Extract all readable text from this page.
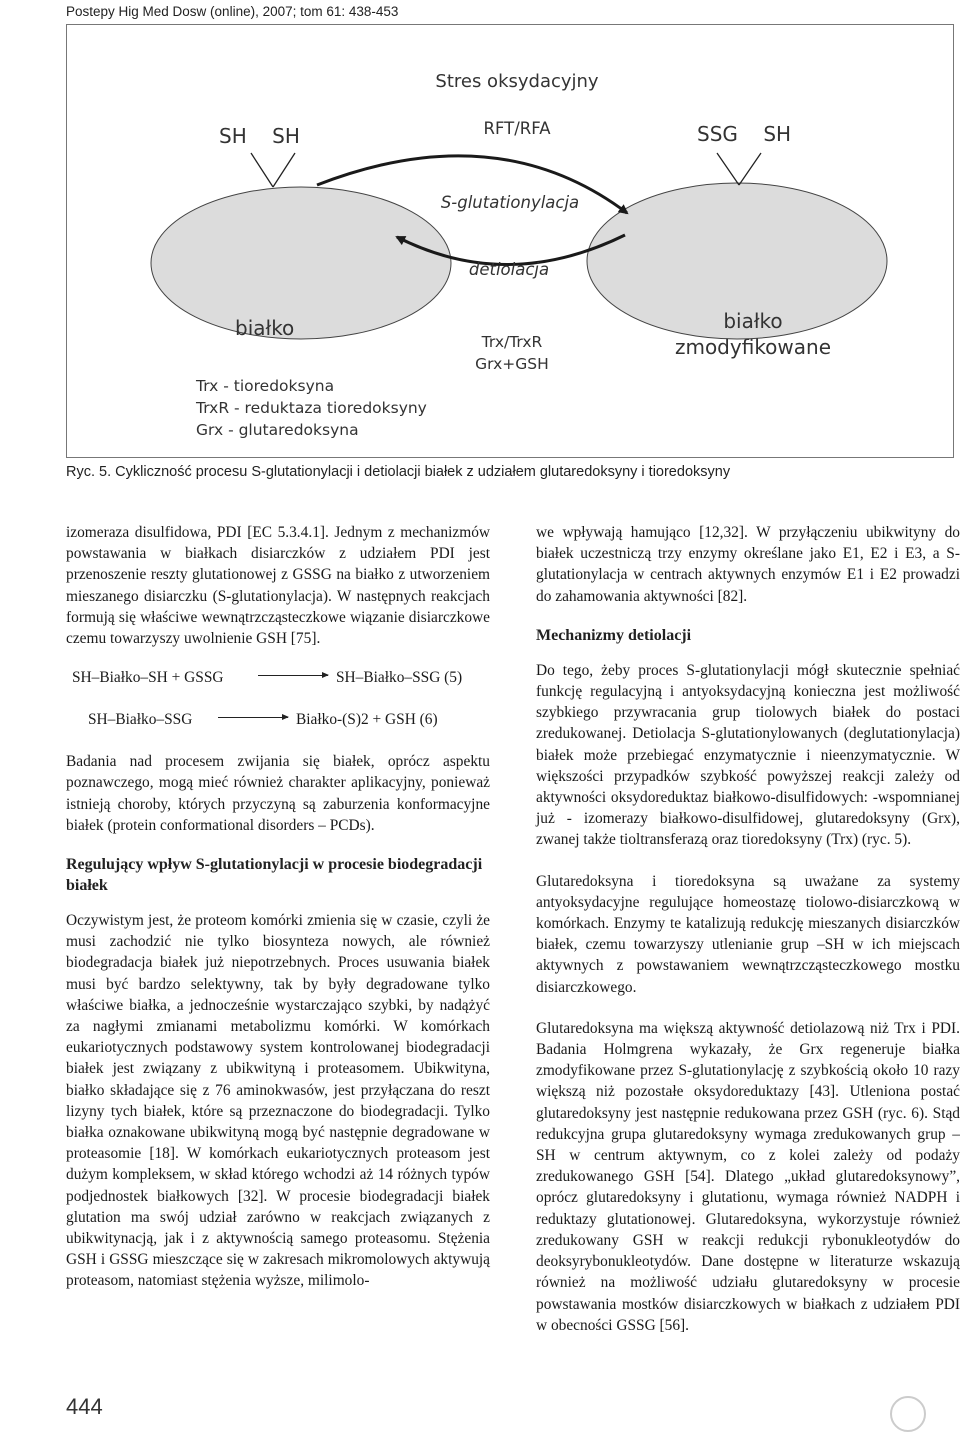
Postepy Hig Med Dosw (online), 2007; tom 61: 438-453
Stres oksydacyjny
RFT/RFA
SH    SH	SSG    SH
S-glutationylacja
detiolacja
białko
Trx/TrxR
Grx+GSH
białko
zmodyfikowane
Trx - tioredoksyna
TrxR - reduktaza tioredoksyny
Grx - glutaredoksyna
Ryc. 5. Cykliczność procesu S-glutationylacji i detiolacji białek z udziałem glutaredoksyny i tioredoksyny

izomeraza disulfidowa, PDI [EC 5.3.4.1]. Jednym z mechanizmów powstawania w białkach disiarczków z udziałem PDI jest przenoszenie reszty glutationowej z GSSG na białko z utworzeniem mieszanego disiarczku (S-glutationylacja). W następnych reakcjach formują się właściwe wewnątrzcząsteczkowe wiązanie disiarczkowe czemu towarzyszy uwolnienie GSH [75].

SH–Białko–SH + GSSG	SH–Białko–SSG (5)
SH–Białko–SSG	Białko-(S)2 + GSH (6)

Badania nad procesem zwijania się białek, oprócz aspektu poznawczego, mogą mieć również charakter aplikacyjny, ponieważ istnieją choroby, których przyczyną są zaburzenia konformacyjne białek (protein conformational disorders – PCDs).

Regulujący wpływ S-glutationylacji w procesie biodegradacji białek

Oczywistym jest, że proteom komórki zmienia się w czasie, czyli że musi zachodzić nie tylko biosynteza nowych, ale również biodegradacja białek już niepotrzebnych. Proces usuwania białek musi być bardzo selektywny, tak by były degradowane tylko właściwe białka, a jednocześnie wystarczająco szybki, by nadążyć za nagłymi zmianami metabolizmu komórki. W komórkach eukariotycznych podstawowy system kontrolowanej biodegradacji białek jest związany z ubikwityną i proteasomem. Ubikwityna, białko składające się z 76 aminokwasów, jest przyłączana do reszt lizyny tych białek, które są przeznaczone do biodegradacji. Tylko białka oznakowane ubikwityną mogą być następnie degradowane w proteasomie [18]. W komórkach eukariotycznych proteasom jest dużym kompleksem, w skład którego wchodzi aż 14 różnych typów podjednostek białkowych [32]. W procesie biodegradacji białek glutation ma swój udział zarówno w reakcjach związanych z ubikwitynacją, jak i z aktywnością samego proteasomu. Stężenia GSH i GSSG mieszczące się w zakresach mikromolowych aktywują proteasom, natomiast stężenia wyższe, milimolo-

we wpływają hamująco [12,32]. W przyłączeniu ubikwityny do białek uczestniczą trzy enzymy określane jako E1, E2 i E3, a S-glutationylacja w centrach aktywnych enzymów E1 i E2 prowadzi do zahamowania aktywności [82].

Mechanizmy detiolacji

Do tego, żeby proces S-glutationylacji mógł skutecznie spełniać funkcję regulacyjną i antyoksydacyjną konieczna jest możliwość szybkiego przywracania grup tiolowych białek do postaci zredukowanej. Detiolacja S-glutationylowanych (deglutationylacja) białek może przebiegać enzymatycznie i nieenzymatycznie. W większości przypadków szybkość powyższej reakcji zależy od aktywności oksydoreduktaz białkowo-disulfidowych: -wspomnianej już - izomerazy białkowo-disulfidowej, glutaredoksyny (Grx), zwanej także tioltransferazą oraz tioredoksyny (Trx) (ryc. 5).

Glutaredoksyna i tioredoksyna są uważane za systemy antyoksydacyjne regulujące homeostazę tiolowo-disiarczkową w komórkach. Enzymy te katalizują redukcję mieszanych disiarczków białek, czemu towarzyszy utlenianie grup –SH w ich miejscach aktywnych z powstawaniem wewnątrzcząsteczkowego mostku disiarczkowego.

Glutaredoksyna ma większą aktywność detiolazową niż Trx i PDI. Badania Holmgrena wykazały, że Grx regeneruje białka zmodyfikowane przez S-glutationylację z szybkością około 10 razy większą niż pozostałe oksydoreduktazy [43]. Utleniona postać glutaredoksyny jest następnie redukowana przez GSH (ryc. 6). Stąd redukcyjna grupa glutaredoksyny wymaga zredukowanych grup –SH w centrum aktywnym, co z kolei zależy od podaży zredukowanego GSH [54]. Dlatego „układ glutaredoksynowy”, oprócz glutaredoksyny i glutationu, wymaga również NADPH i reduktazy glutationowej. Glutaredoksyna, wykorzystuje również zredukowany GSH w reakcji redukcji rybonukleotydów do deoksyrybonukleotydów. Dane dostępne w literaturze wskazują również na możliwość udziału glutaredoksyny w procesie powstawania mostków disiarczkowych w białkach z udziałem PDI w obecności GSSG [56].

444
